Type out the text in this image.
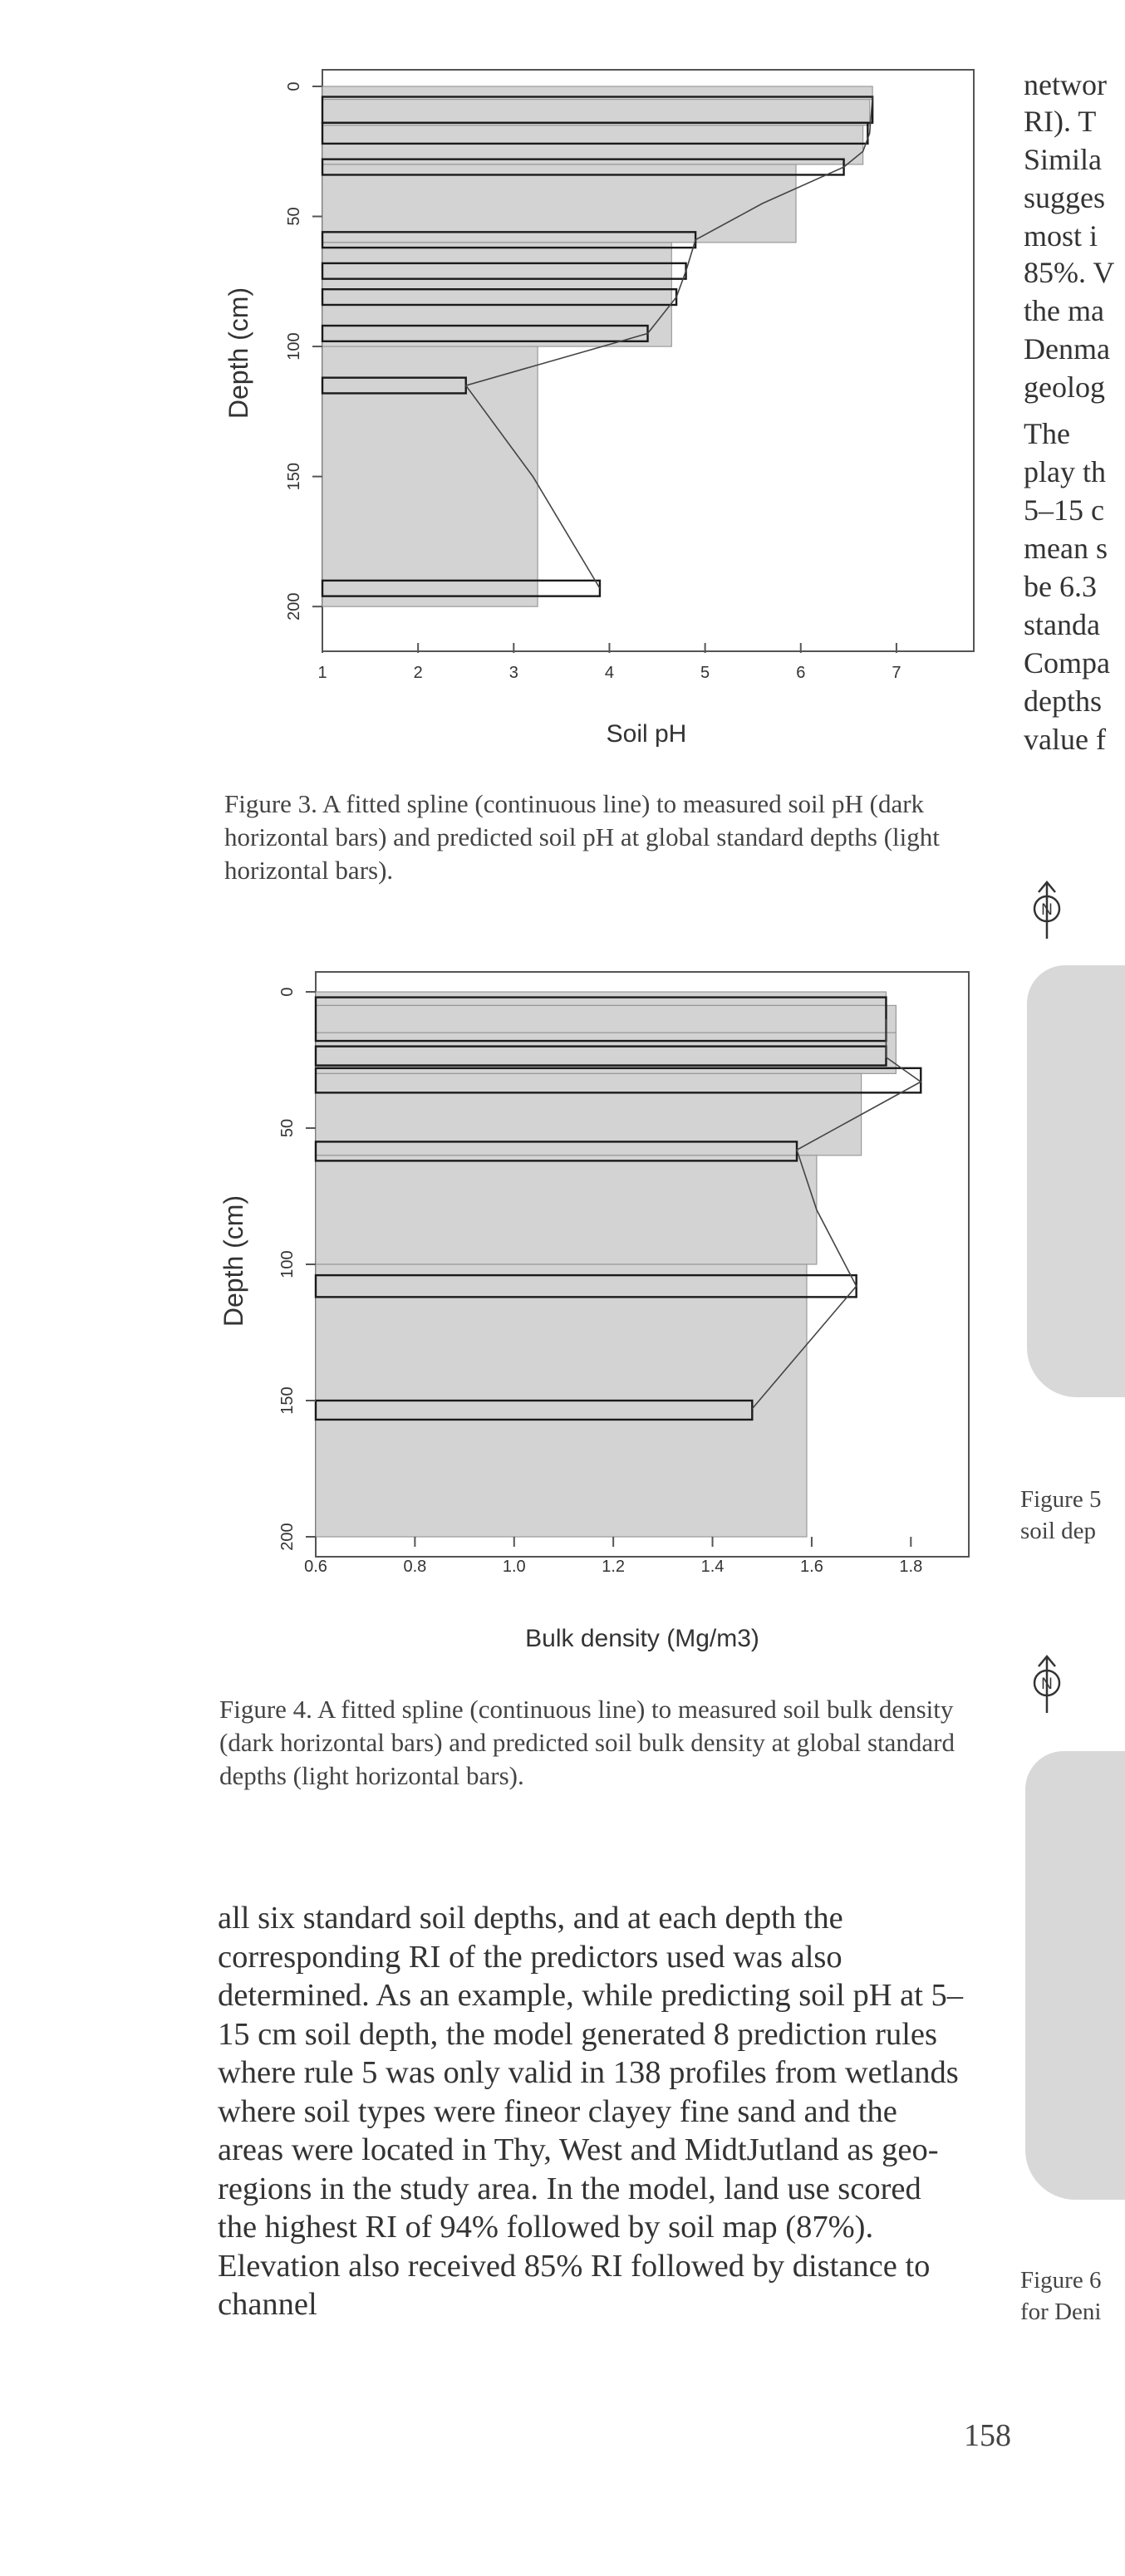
1	2	3	4	5	6	7
0
50
100
150
200
Soil pH
Depth (cm)
Figure 3. A fitted spline (continuous line) to measured soil pH (dark horizontal bars) and predicted soil pH at global standard depths (light horizontal bars).
0.6	0.8	1.0	1.2	1.4	1.6	1.8
0
50
100
150
200
Bulk density (Mg/m3)
Depth (cm)
Figure 4. A fitted spline (continuous line) to measured soil bulk density (dark horizontal bars) and predicted soil bulk density at global standard depths (light horizontal bars).
all six standard soil depths, and at each depth the corresponding RI of the predictors used was also determined. As an example, while predicting soil pH at 5–15 cm soil depth, the model generated 8 prediction rules where rule 5 was only valid in 138 profiles from wetlands where soil types were fineor clayey fine sand and the areas were located in Thy, West and MidtJutland as geo-regions in the study area. In the model, land use scored the highest RI of 94% followed by soil map (87%). Elevation also received 85% RI followed by distance to channel
networ
RI). T
Simila
sugges
most i
85%. V
the ma
Denma
geolog
The
play th
5–15 c
mean s
be 6.3
standa
Compa
depths
value f
N
N
Figure 5
soil dep
Figure 6
for Deni
158
